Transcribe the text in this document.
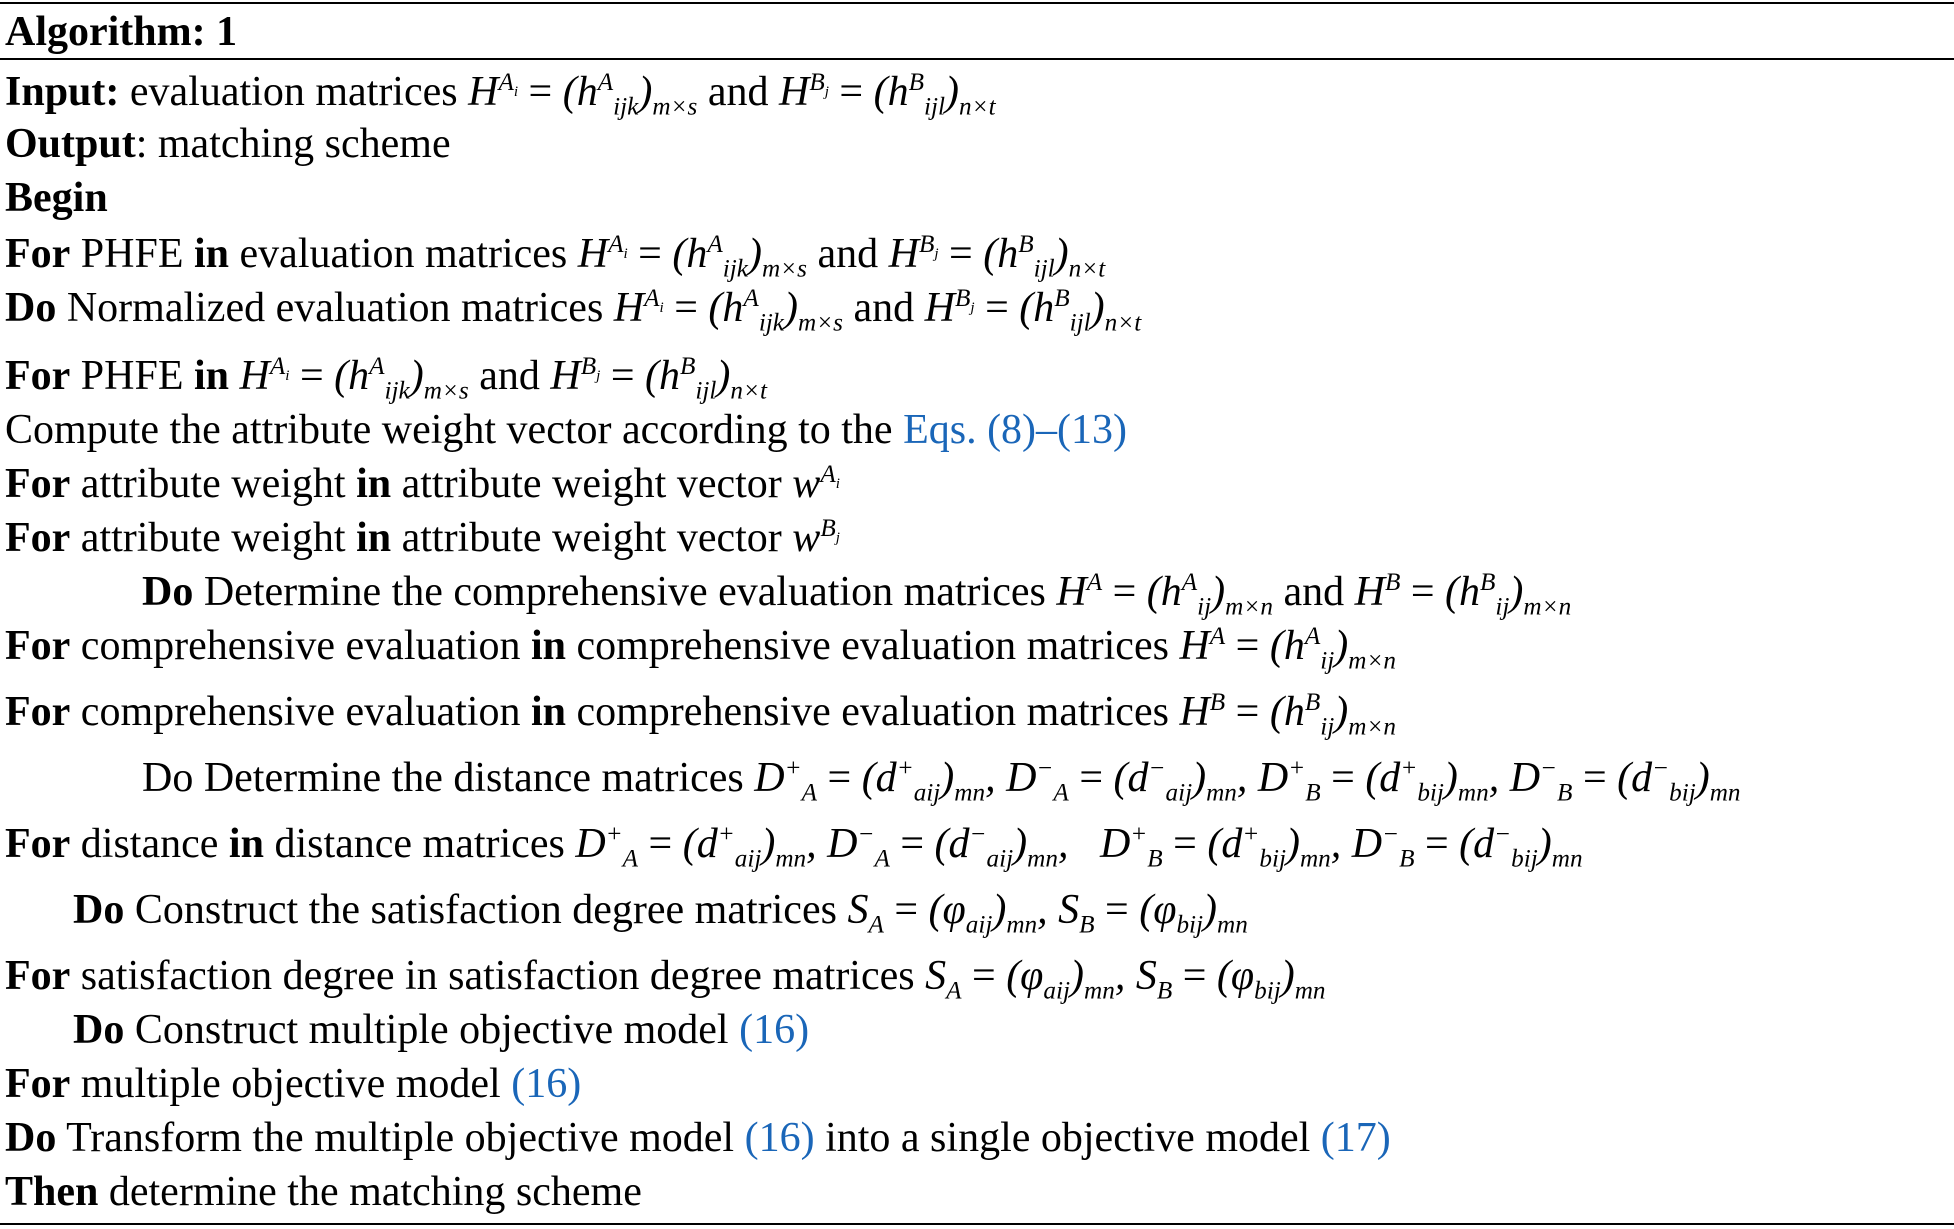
Algorithm: 1
Input: evaluation matrices $H^{A_i} = (h^A_{ijk})_{m\times s}$ and $H^{B_j} = (h^B_{ijl})_{n\times t}$
Output: matching scheme
Begin
For PHFE in evaluation matrices $H^{A_i} = (h^A_{ijk})_{m\times s}$ and $H^{B_j} = (h^B_{ijl})_{n\times t}$
Do Normalized evaluation matrices $H^{A_i} = (h^A_{ijk})_{m\times s}$ and $H^{B_j} = (h^B_{ijl})_{n\times t}$
For PHFE in $H^{A_i} = (h^A_{ijk})_{m\times s}$ and $H^{B_j} = (h^B_{ijl})_{n\times t}$
Compute the attribute weight vector according to the Eqs. (8)–(13)
For attribute weight in attribute weight vector $w^{A_i}$
For attribute weight in attribute weight vector $w^{B_j}$
Do Determine the comprehensive evaluation matrices $H^A = (h^A_{ij})_{m\times n}$ and $H^B = (h^B_{ij})_{m\times n}$
For comprehensive evaluation in comprehensive evaluation matrices $H^A = (h^A_{ij})_{m\times n}$
For comprehensive evaluation in comprehensive evaluation matrices $H^B = (h^B_{ij})_{m\times n}$
Do Determine the distance matrices $D^+_A = (d^+_{aij})_{mn}$, $D^-_A = (d^-_{aij})_{mn}$, $D^+_B = (d^+_{bij})_{mn}$, $D^-_B = (d^-_{bij})_{mn}$
For distance in distance matrices $D^+_A = (d^+_{aij})_{mn}$, $D^-_A = (d^-_{aij})_{mn}$,   $D^+_B = (d^+_{bij})_{mn}$, $D^-_B = (d^-_{bij})_{mn}$
Do Construct the satisfaction degree matrices $S_A = (\varphi_{aij})_{mn}$, $S_B = (\varphi_{bij})_{mn}$
For satisfaction degree in satisfaction degree matrices $S_A = (\varphi_{aij})_{mn}$, $S_B = (\varphi_{bij})_{mn}$
Do Construct multiple objective model (16)
For multiple objective model (16)
Do Transform the multiple objective model (16) into a single objective model (17)
Then determine the matching scheme
